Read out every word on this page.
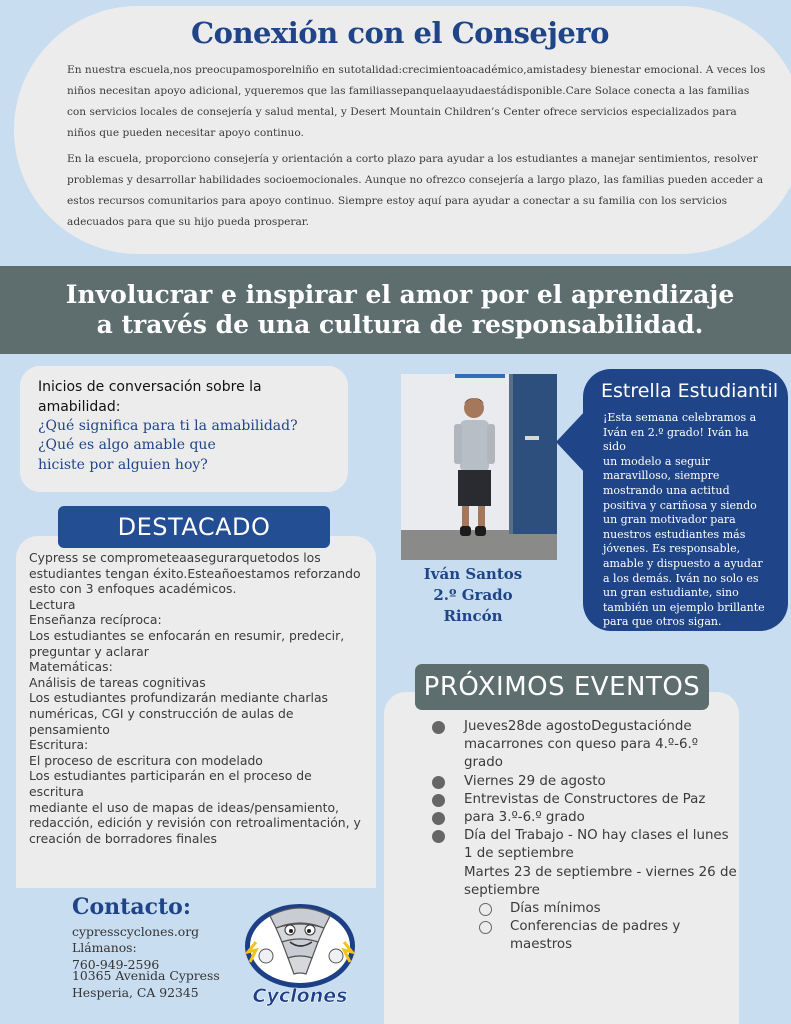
Conexión con el Consejero

En nuestra escuela,nos preocupamosporelniño en sutotalidad:crecimientoacadémico,amistadesy bienestar emocional. A veces los niños necesitan apoyo adicional, yqueremos que las familiassepanquelaayudaestádisponible.Care Solace conecta a las familias con servicios locales de consejería y salud mental, y Desert Mountain Children’s Center ofrece servicios especializados para niños que pueden necesitar apoyo continuo.

En la escuela, proporciono consejería y orientación a corto plazo para ayudar a los estudiantes a manejar sentimientos, resolver problemas y desarrollar habilidades socioemocionales. Aunque no ofrezco consejería a largo plazo, las familias pueden acceder a estos recursos comunitarios para apoyo continuo. Siempre estoy aquí para ayudar a conectar a su familia con los servicios adecuados para que su hijo pueda prosperar.

Involucrar e inspirar el amor por el aprendizaje
a través de una cultura de responsabilidad.
Inicios de conversación sobre la amabilidad:
¿Qué significa para ti la amabilidad?
¿Qué es algo amable que
hiciste por alguien hoy?
DESTACADO
Cypress se comprometeaasegurarquetodos los
estudiantes tengan éxito.Esteañoestamos reforzando
esto con 3 enfoques académicos.
Lectura
Enseñanza recíproca:
Los estudiantes se enfocarán en resumir, predecir,
preguntar y aclarar
Matemáticas:
Análisis de tareas cognitivas
Los estudiantes profundizarán mediante charlas
numéricas, CGI y construcción de aulas de
pensamiento
Escritura:
El proceso de escritura con modelado
Los estudiantes participarán en el proceso de escritura
mediante el uso de mapas de ideas/pensamiento,
redacción, edición y revisión con retroalimentación, y
creación de borradores finales
Iván Santos
2.º Grado
Rincón
Estrella Estudiantil
¡Esta semana celebramos a
Iván en 2.º grado! Iván ha sido
un modelo a seguir
maravilloso, siempre
mostrando una actitud
positiva y cariñosa y siendo
un gran motivador para
nuestros estudiantes más
jóvenes. Es responsable,
amable y dispuesto a ayudar
a los demás. Iván no solo es
un gran estudiante, sino
también un ejemplo brillante
para que otros sigan.
PRÓXIMOS EVENTOS
Jueves28de agostoDegustaciónde macarrones con queso para 4.º-6.º grado
Viernes 29 de agosto
Entrevistas de Constructores de Paz
para 3.º-6.º grado
Día del Trabajo - NO hay clases el lunes 1 de septiembre
Martes 23 de septiembre - viernes 26 de septiembre
Días mínimos
Conferencias de padres y maestros
Contacto:
cypresscyclones.org
Llámanos:
760-949-2596
10365 Avenida Cypress
Hesperia, CA 92345	Cyclones
